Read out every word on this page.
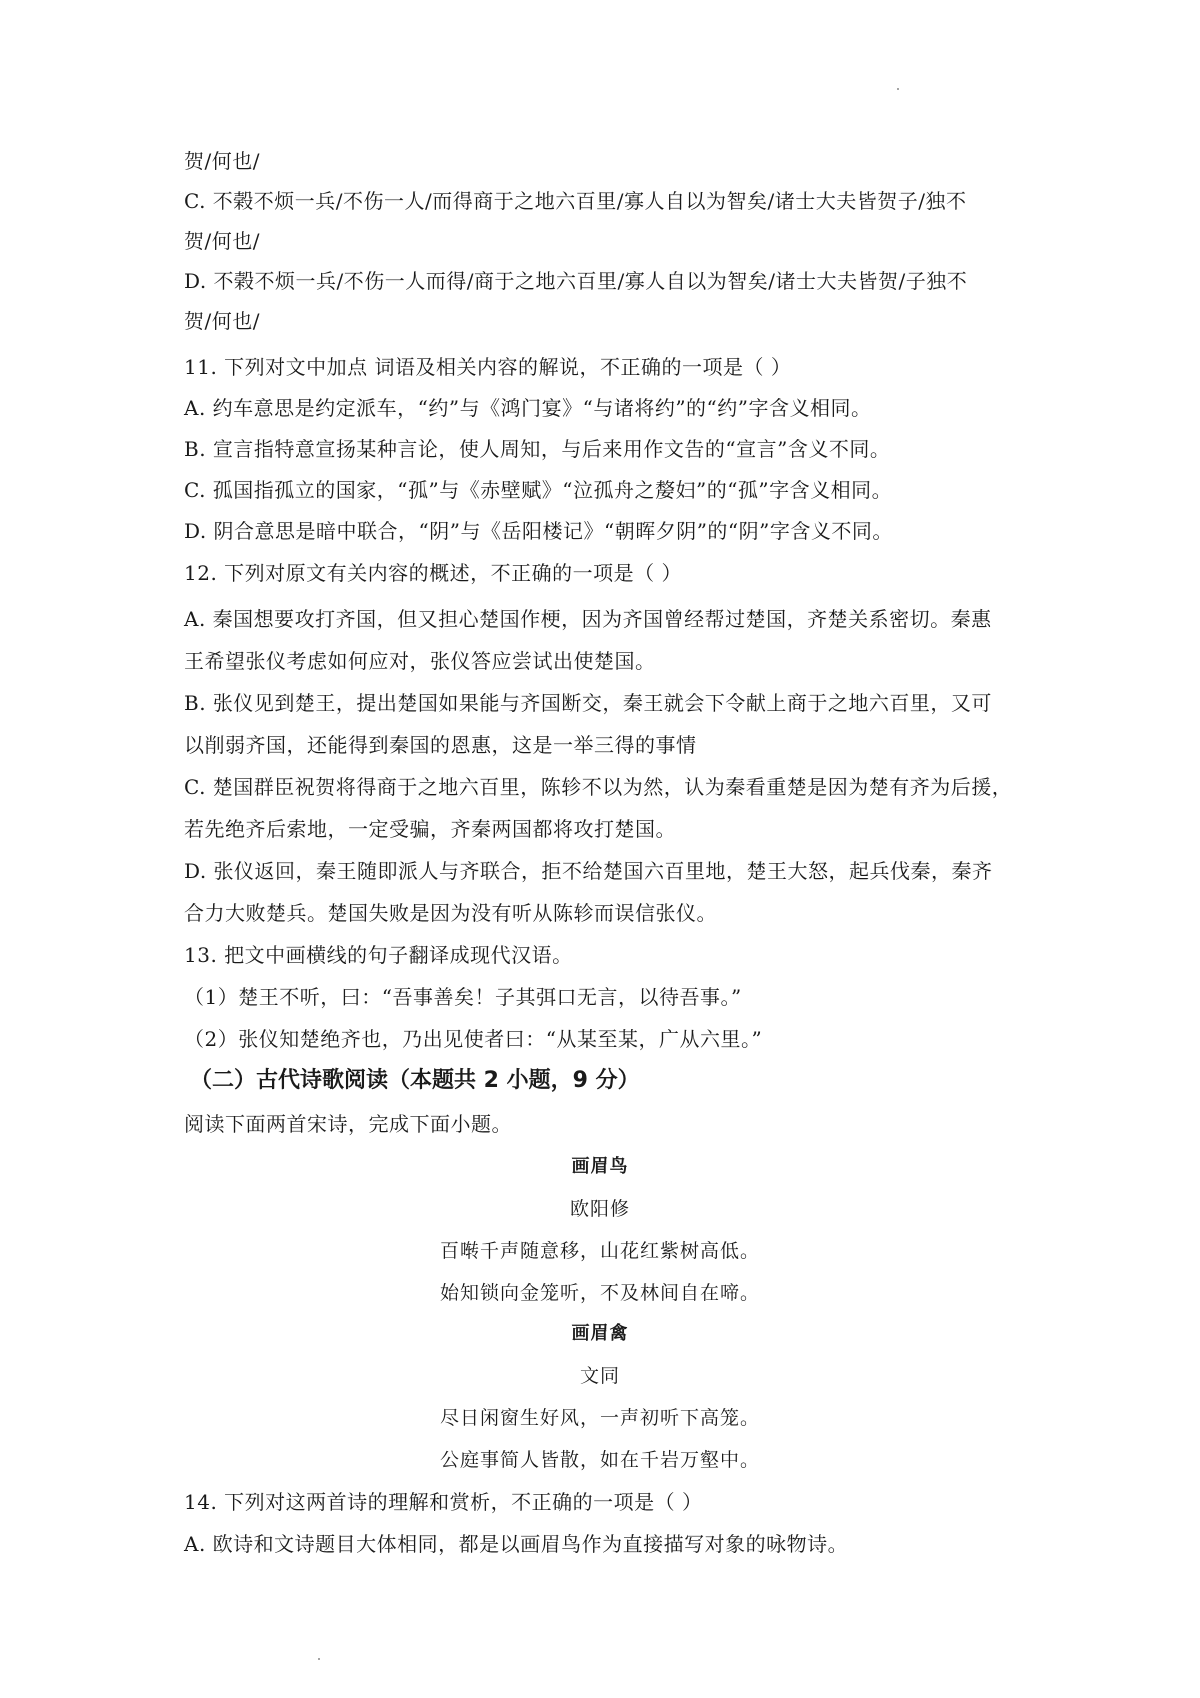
贺/何也/
C. 不榖不烦一兵/不伤一人/而得商于之地六百里/寡人自以为智矣/诸士大夫皆贺子/独不
贺/何也/
D. 不榖不烦一兵/不伤一人而得/商于之地六百里/寡人自以为智矣/诸士大夫皆贺/子独不
贺/何也/
11. 下列对文中加点 词语及相关内容的解说，不正确的一项是（ ）
A. 约车意思是约定派车，“约”与《鸿门宴》“与诸将约”的“约”字含义相同。
B. 宣言指特意宣扬某种言论，使人周知，与后来用作文告的“宣言”含义不同。
C. 孤国指孤立的国家，“孤”与《赤壁赋》“泣孤舟之嫠妇”的“孤”字含义相同。
D. 阴合意思是暗中联合，“阴”与《岳阳楼记》“朝晖夕阴”的“阴”字含义不同。
12. 下列对原文有关内容的概述，不正确的一项是（ ）
A. 秦国想要攻打齐国，但又担心楚国作梗，因为齐国曾经帮过楚国，齐楚关系密切。秦惠
王希望张仪考虑如何应对，张仪答应尝试出使楚国。
B. 张仪见到楚王，提出楚国如果能与齐国断交，秦王就会下令献上商于之地六百里，又可
以削弱齐国，还能得到秦国的恩惠，这是一举三得的事情
C. 楚国群臣祝贺将得商于之地六百里，陈轸不以为然，认为秦看重楚是因为楚有齐为后援，
若先绝齐后索地，一定受骗，齐秦两国都将攻打楚国。
D. 张仪返回，秦王随即派人与齐联合，拒不给楚国六百里地，楚王大怒，起兵伐秦，秦齐
合力大败楚兵。楚国失败是因为没有听从陈轸而误信张仪。
13. 把文中画横线的句子翻译成现代汉语。
（1）楚王不听，曰：“吾事善矣！子其弭口无言，以待吾事。”
（2）张仪知楚绝齐也，乃出见使者曰：“从某至某，广从六里。”
（二）古代诗歌阅读（本题共 2 小题，9 分）
阅读下面两首宋诗，完成下面小题。
画眉鸟
欧阳修
百啭千声随意移，山花红紫树高低。
始知锁向金笼听，不及林间自在啼。
画眉禽
文同
尽日闲窗生好风，一声初听下高笼。
公庭事简人皆散，如在千岩万壑中。
14. 下列对这两首诗的理解和赏析，不正确的一项是（ ）
A. 欧诗和文诗题目大体相同，都是以画眉鸟作为直接描写对象的咏物诗。
